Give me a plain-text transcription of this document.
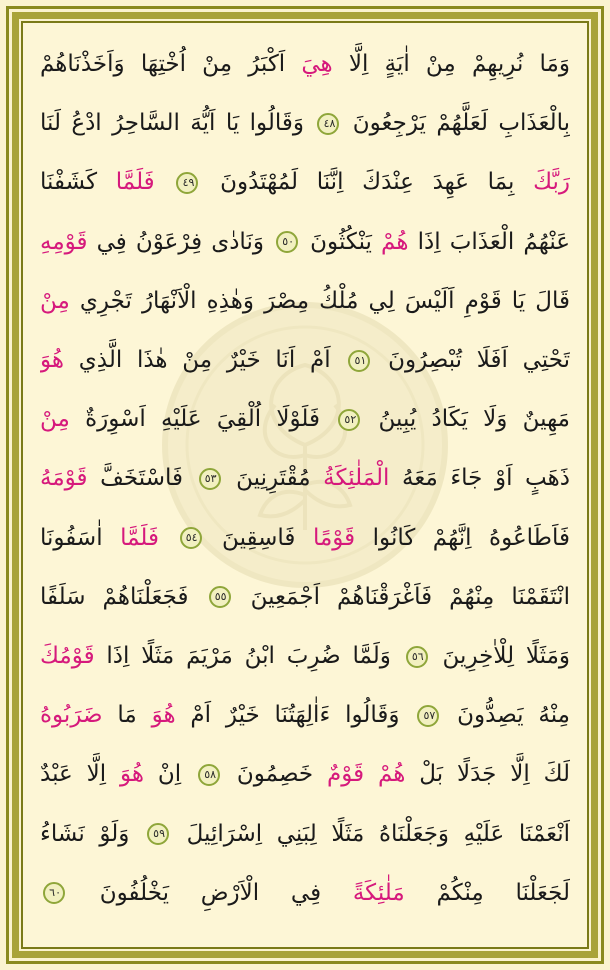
وَمَا نُرِيهِمْ مِنْ اٰيَةٍ اِلَّا هِيَ اَكْبَرُ مِنْ اُخْتِهَا وَاَخَذْنَاهُمْ
بِالْعَذَابِ لَعَلَّهُمْ يَرْجِعُونَ ٤٨ وَقَالُوا يَا اَيُّهَ السَّاحِرُ ادْعُ لَنَا
رَبَّكَ بِمَا عَهِدَ عِنْدَكَ اِنَّنَا لَمُهْتَدُونَ ٤٩ فَلَمَّا كَشَفْنَا
عَنْهُمُ الْعَذَابَ اِذَا هُمْ يَنْكُثُونَ ٥٠ وَنَادٰى فِرْعَوْنُ فِي قَوْمِهِ
قَالَ يَا قَوْمِ اَلَيْسَ لِي مُلْكُ مِصْرَ وَهٰذِهِ الْاَنْهَارُ تَجْرِي مِنْ
تَحْتِي اَفَلَا تُبْصِرُونَ ٥١ اَمْ اَنَا خَيْرٌ مِنْ هٰذَا الَّذِي هُوَ
مَهِينٌ وَلَا يَكَادُ يُبِينُ ٥٢ فَلَوْلَا اُلْقِيَ عَلَيْهِ اَسْوِرَةٌ مِنْ
ذَهَبٍ اَوْ جَاءَ مَعَهُ الْمَلٰئِكَةُ مُقْتَرِنِينَ ٥٣ فَاسْتَخَفَّ قَوْمَهُ
فَاَطَاعُوهُ اِنَّهُمْ كَانُوا قَوْمًا فَاسِقِينَ ٥٤ فَلَمَّا اٰسَفُونَا
انْتَقَمْنَا مِنْهُمْ فَاَغْرَقْنَاهُمْ اَجْمَعِينَ ٥٥ فَجَعَلْنَاهُمْ سَلَفًا
وَمَثَلًا لِلْاٰخِرِينَ ٥٦ وَلَمَّا ضُرِبَ ابْنُ مَرْيَمَ مَثَلًا اِذَا قَوْمُكَ
مِنْهُ يَصِدُّونَ ٥٧ وَقَالُوا ءَاٰلِهَتُنَا خَيْرٌ اَمْ هُوَ مَا ضَرَبُوهُ
لَكَ اِلَّا جَدَلًا بَلْ هُمْ قَوْمٌ خَصِمُونَ ٥٨ اِنْ هُوَ اِلَّا عَبْدٌ
اَنْعَمْنَا عَلَيْهِ وَجَعَلْنَاهُ مَثَلًا لِبَنِي اِسْرَائِيلَ ٥٩ وَلَوْ نَشَاءُ
لَجَعَلْنَا مِنْكُمْ مَلٰئِكَةً فِي الْاَرْضِ يَخْلُفُونَ ٦٠
